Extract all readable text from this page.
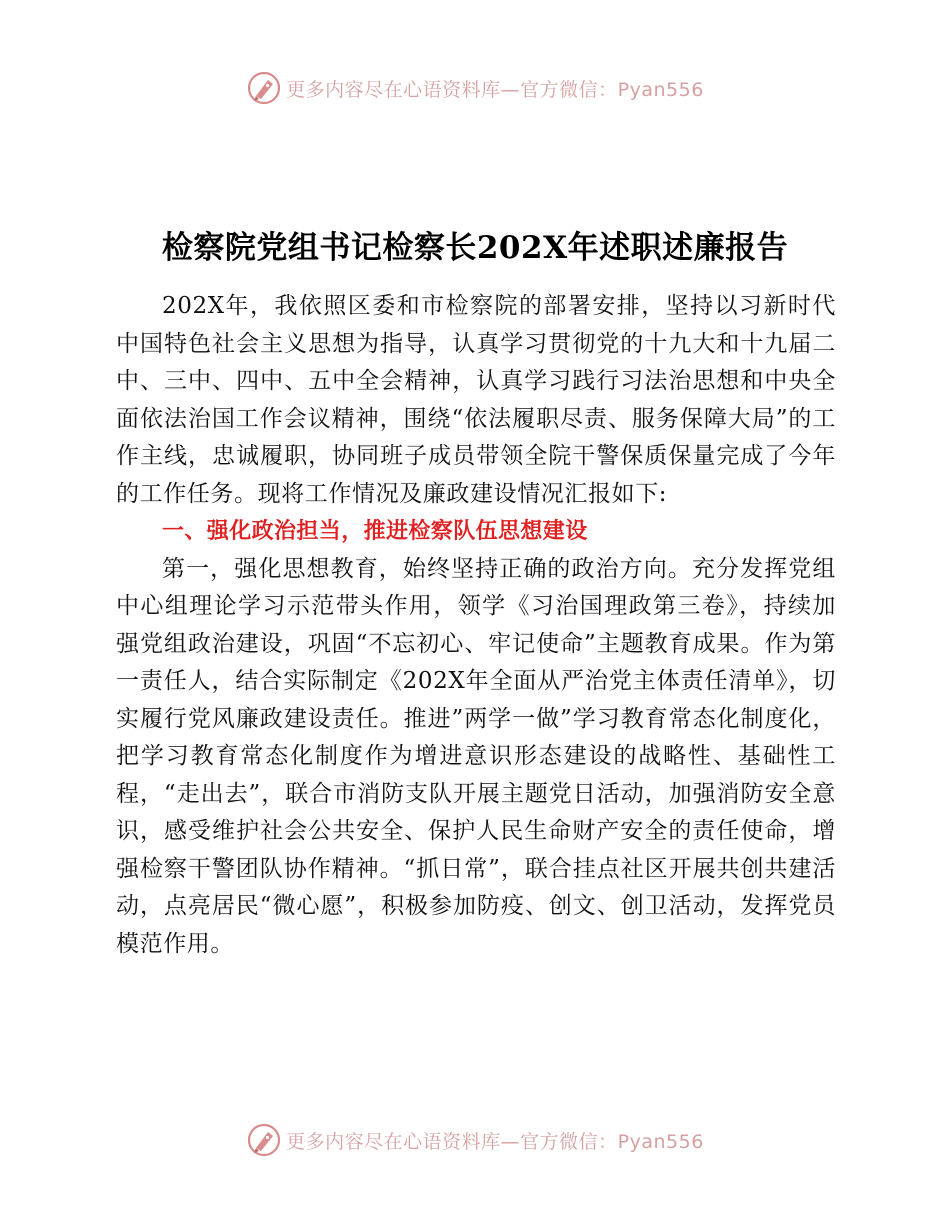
更多内容尽在心语资料库—官方微信：Pyan556
检察院党组书记检察长202X年述职述廉报告

202X年，我依照区委和市检察院的部署安排，坚持以习新时代中国特色社会主义思想为指导，认真学习贯彻党的十九大和十九届二中、三中、四中、五中全会精神，认真学习践行习法治思想和中央全面依法治国工作会议精神，围绕“依法履职尽责、服务保障大局”的工作主线，忠诚履职，协同班子成员带领全院干警保质保量完成了今年的工作任务。现将工作情况及廉政建设情况汇报如下:

一、强化政治担当，推进检察队伍思想建设

第一，强化思想教育，始终坚持正确的政治方向。充分发挥党组中心组理论学习示范带头作用，领学《习治国理政第三卷》，持续加强党组政治建设，巩固“不忘初心、牢记使命”主题教育成果。作为第一责任人，结合实际制定《202X年全面从严治党主体责任清单》，切实履行党风廉政建设责任。推进”两学一做”学习教育常态化制度化，把学习教育常态化制度作为增进意识形态建设的战略性、基础性工程，“走出去”，联合市消防支队开展主题党日活动，加强消防安全意识，感受维护社会公共安全、保护人民生命财产安全的责任使命，增强检察干警团队协作精神。“抓日常”，联合挂点社区开展共创共建活动，点亮居民“微心愿”，积极参加防疫、创文、创卫活动，发挥党员模范作用。

更多内容尽在心语资料库—官方微信：Pyan556
